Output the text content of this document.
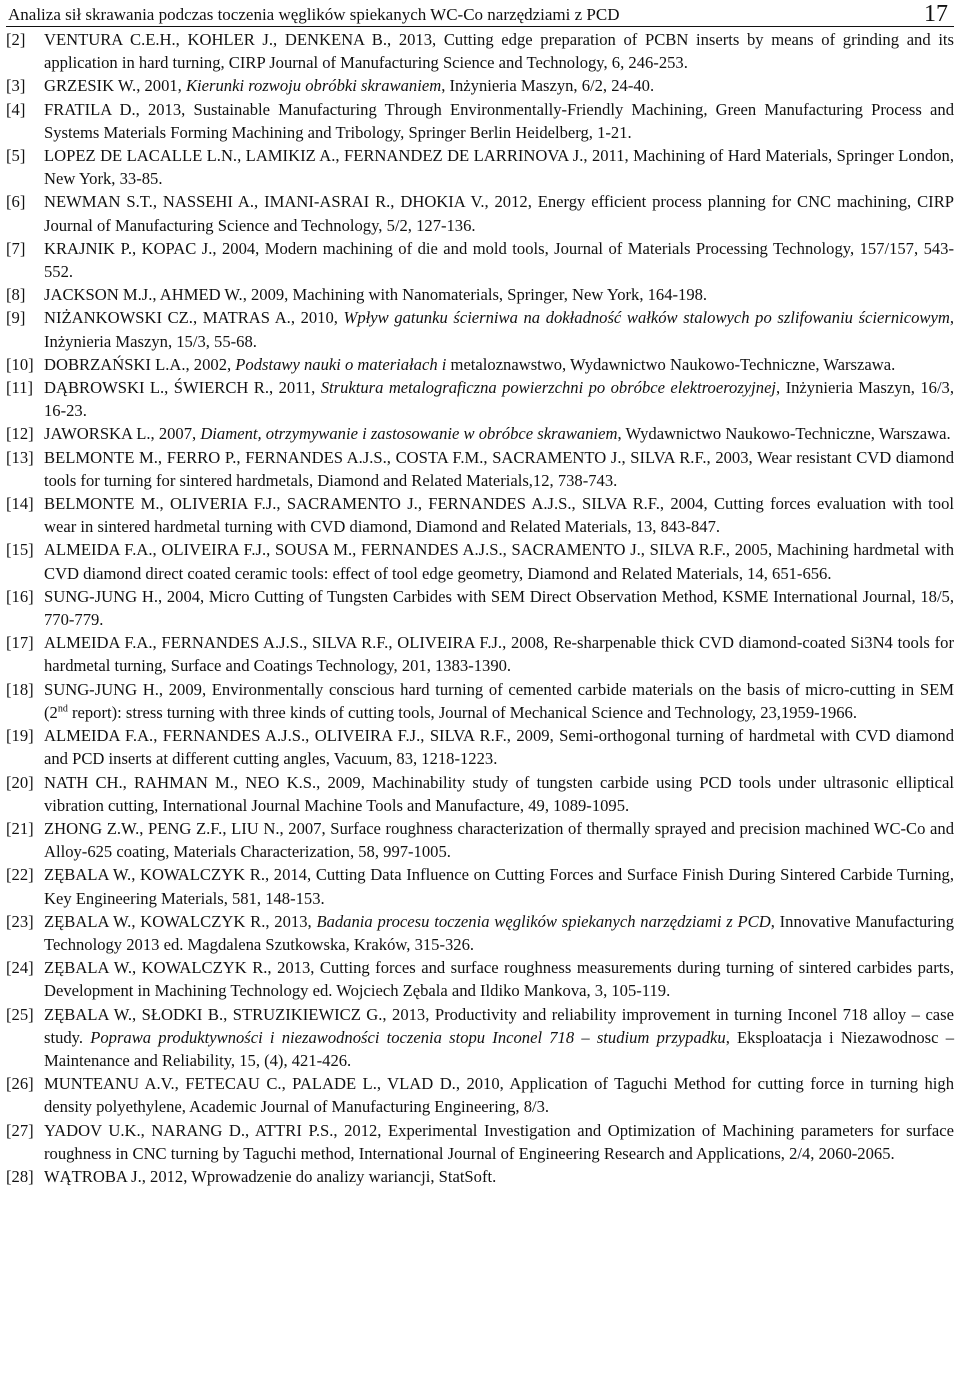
Analiza sił skrawania podczas toczenia węglików spiekanych WC-Co narzędziami z PCD	17
[2] VENTURA C.E.H., KOHLER J., DENKENA B., 2013, Cutting edge preparation of PCBN inserts by means of grinding and its application in hard turning, CIRP Journal of Manufacturing Science and Technology, 6, 246-253.
[3] GRZESIK W., 2001, Kierunki rozwoju obróbki skrawaniem, Inżynieria Maszyn, 6/2, 24-40.
[4] FRATILA D., 2013, Sustainable Manufacturing Through Environmentally-Friendly Machining, Green Manufacturing Process and Systems Materials Forming Machining and Tribology, Springer Berlin Heidelberg, 1-21.
[5] LOPEZ DE LACALLE L.N., LAMIKIZ A., FERNANDEZ DE LARRINOVA J., 2011, Machining of Hard Materials, Springer London, New York, 33-85.
[6] NEWMAN S.T., NASSEHI A., IMANI-ASRAI R., DHOKIA V., 2012, Energy efficient process planning for CNC machining, CIRP Journal of Manufacturing Science and Technology, 5/2, 127-136.
[7] KRAJNIK P., KOPAC J., 2004, Modern machining of die and mold tools, Journal of Materials Processing Technology, 157/157, 543-552.
[8] JACKSON M.J., AHMED W., 2009, Machining with Nanomaterials, Springer, New York, 164-198.
[9] NIŻANKOWSKI CZ., MATRAS A., 2010, Wpływ gatunku ściernіwa na dokładność wałków stalowych po szlifowaniu ściernicowym, Inżynieria Maszyn, 15/3, 55-68.
[10] DOBRZAŃSKI L.A., 2002, Podstawy nauki o materiałach i metaloznawstwo, Wydawnictwo Naukowo-Techniczne, Warszawa.
[11] DĄBROWSKI L., ŚWIERCH R., 2011, Struktura metalograficzna powierzchni po obróbce elektroerozyjnej, Inżynieria Maszyn, 16/3, 16-23.
[12] JAWORSKA L., 2007, Diament, otrzymywanie i zastosowanie w obróbce skrawaniem, Wydawnictwo Naukowo-Techniczne, Warszawa.
[13] BELMONTE M., FERRO P., FERNANDES A.J.S., COSTA F.M., SACRAMENTO J., SILVA R.F., 2003, Wear resistant CVD diamond tools for turning for sintered hardmetals, Diamond and Related Materials,12, 738-743.
[14] BELMONTE M., OLIVERIA F.J., SACRAMENTO J., FERNANDES A.J.S., SILVA R.F., 2004, Cutting forces evaluation with tool wear in sintered hardmetal turning with CVD diamond, Diamond and Related Materials, 13, 843-847.
[15] ALMEIDA F.A., OLIVEIRA F.J., SOUSA M., FERNANDES A.J.S., SACRAMENTO J., SILVA R.F., 2005, Machining hardmetal with CVD diamond direct coated ceramic tools: effect of tool edge geometry, Diamond and Related Materials, 14, 651-656.
[16] SUNG-JUNG H., 2004, Micro Cutting of Tungsten Carbides with SEM Direct Observation Method, KSME International Journal, 18/5, 770-779.
[17] ALMEIDA F.A., FERNANDES A.J.S., SILVA R.F., OLIVEIRA F.J., 2008, Re-sharpenable thick CVD diamond-coated Si3N4 tools for hardmetal turning, Surface and Coatings Technology, 201, 1383-1390.
[18] SUNG-JUNG H., 2009, Environmentally conscious hard turning of cemented carbide materials on the basis of micro-cutting in SEM (2nd report): stress turning with three kinds of cutting tools, Journal of Mechanical Science and Technology, 23,1959-1966.
[19] ALMEIDA F.A., FERNANDES A.J.S., OLIVEIRA F.J., SILVA R.F., 2009, Semi-orthogonal turning of hardmetal with CVD diamond and PCD inserts at different cutting angles, Vacuum, 83, 1218-1223.
[20] NATH CH., RAHMAN M., NEO K.S., 2009, Machinability study of tungsten carbide using PCD tools under ultrasonic elliptical vibration cutting, International Journal Machine Tools and Manufacture, 49, 1089-1095.
[21] ZHONG Z.W., PENG Z.F., LIU N., 2007, Surface roughness characterization of thermally sprayed and precision machined WC-Co and Alloy-625 coating, Materials Characterization, 58, 997-1005.
[22] ZĘBALA W., KOWALCZYK R., 2014, Cutting Data Influence on Cutting Forces and Surface Finish During Sintered Carbide Turning, Key Engineering Materials, 581, 148-153.
[23] ZĘBALA W., KOWALCZYK R., 2013, Badania procesu toczenia węglików spiekanych narzędziami z PCD, Innovative Manufacturing Technology 2013 ed. Magdalena Szutkowska, Kraków, 315-326.
[24] ZĘBALA W., KOWALCZYK R., 2013, Cutting forces and surface roughness measurements during turning of sintered carbides parts, Development in Machining Technology ed. Wojciech Zębala and Ildiko Mankova, 3, 105-119.
[25] ZĘBALA W., SŁODKI B., STRUZIKIEWICZ G., 2013, Productivity and reliability improvement in turning Inconel 718 alloy – case study. Poprawa produktywności i niezawodności toczenia stopu Inconel 718 – studium przypadku, Eksploatacja i Niezawodnosc – Maintenance and Reliability, 15, (4), 421-426.
[26] MUNTEANU A.V., FETECAU C., PALADE L., VLAD D., 2010, Application of Taguchi Method for cutting force in turning high density polyethylene, Academic Journal of Manufacturing Engineering, 8/3.
[27] YADOV U.K., NARANG D., ATTRI P.S., 2012, Experimental Investigation and Optimization of Machining parameters for surface roughness in CNC turning by Taguchi method, International Journal of Engineering Research and Applications, 2/4, 2060-2065.
[28] WĄTROBA J., 2012, Wprowadzenie do analizy wariancji, StatSoft.
